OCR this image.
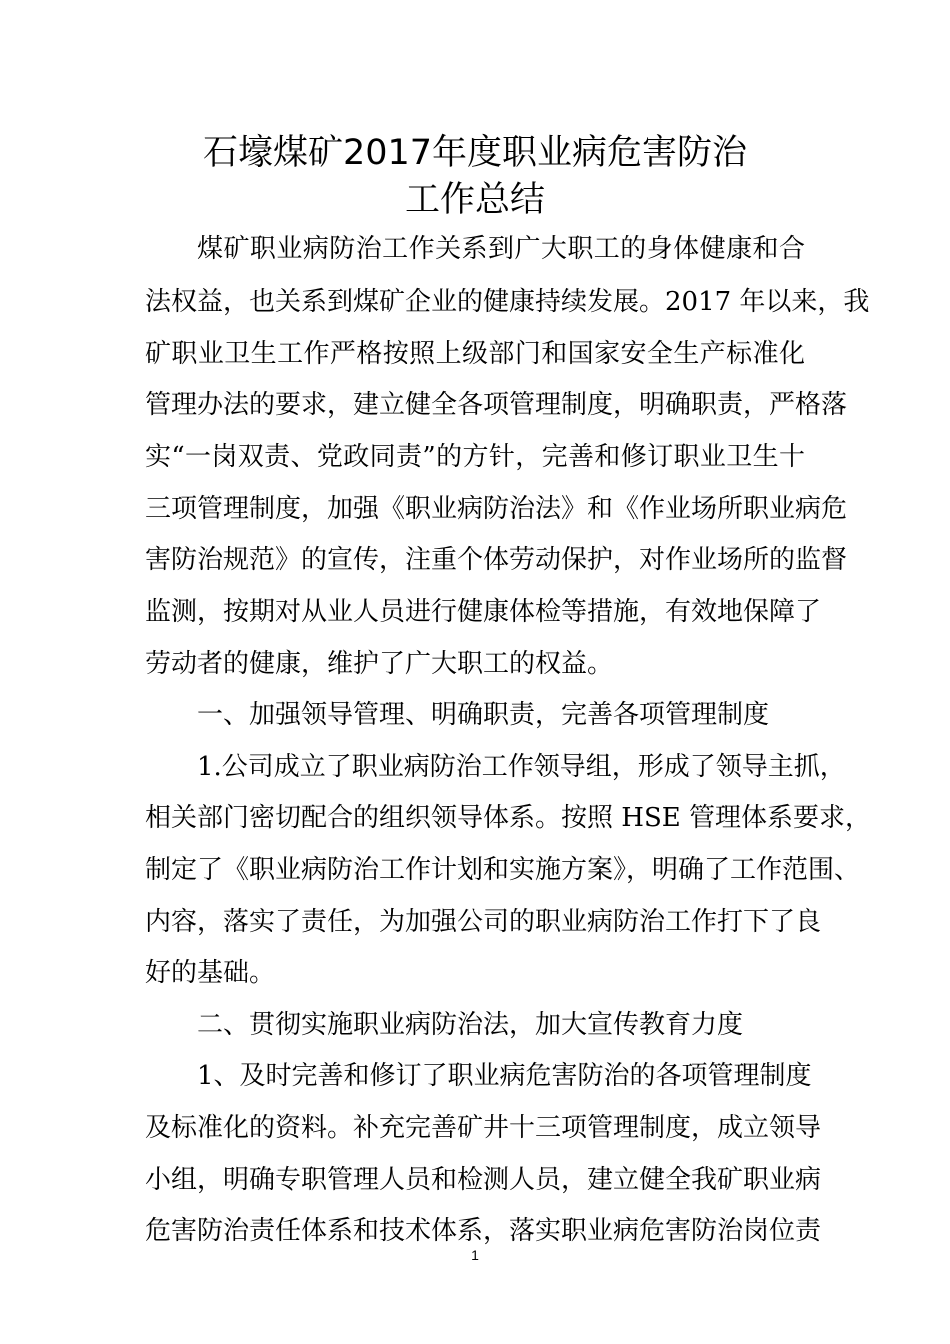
石壕煤矿2017年度职业病危害防治
工作总结
煤矿职业病防治工作关系到广大职工的身体健康和合
法权益，也关系到煤矿企业的健康持续发展。2017 年以来，我
矿职业卫生工作严格按照上级部门和国家安全生产标准化
管理办法的要求，建立健全各项管理制度，明确职责，严格落
实“一岗双责、党政同责”的方针，完善和修订职业卫生十
三项管理制度，加强《职业病防治法》和《作业场所职业病危
害防治规范》的宣传，注重个体劳动保护，对作业场所的监督
监测，按期对从业人员进行健康体检等措施，有效地保障了
劳动者的健康，维护了广大职工的权益。
一、加强领导管理、明确职责，完善各项管理制度
1.公司成立了职业病防治工作领导组，形成了领导主抓，
相关部门密切配合的组织领导体系。按照 HSE 管理体系要求，
制定了《职业病防治工作计划和实施方案》，明确了工作范围、
内容，落实了责任，为加强公司的职业病防治工作打下了良
好的基础。
二、贯彻实施职业病防治法，加大宣传教育力度
1、及时完善和修订了职业病危害防治的各项管理制度
及标准化的资料。补充完善矿井十三项管理制度，成立领导
小组，明确专职管理人员和检测人员，建立健全我矿职业病
危害防治责任体系和技术体系，落实职业病危害防治岗位责
1
